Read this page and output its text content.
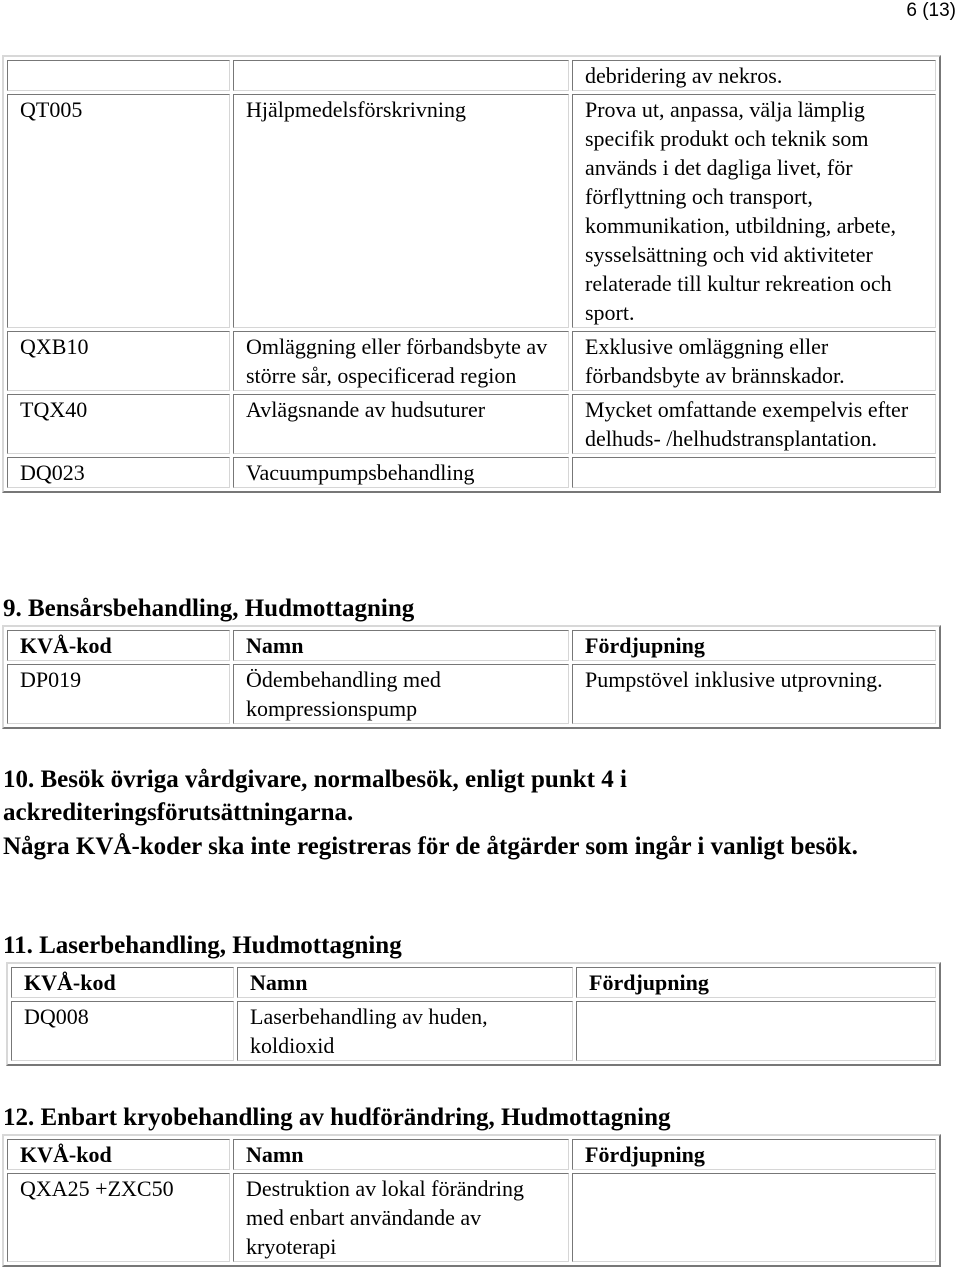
6 (13)
		debridering av nekros.
QT005	Hjälpmedelsförskrivning	Prova ut, anpassa, välja lämplig specifik produkt och teknik som används i det dagliga livet, för förflyttning och transport, kommunikation, utbildning, arbete, sysselsättning och vid aktiviteter relaterade till kultur rekreation och sport.
QXB10	Omläggning eller förbandsbyte av större sår, ospecificerad region	Exklusive omläggning eller förbandsbyte av brännskador.
TQX40	Avlägsnande av hudsuturer	Mycket omfattande exempelvis efter delhuds- /helhudstransplantation.
DQ023	Vacuumpumpsbehandling	
9. Bensårsbehandling, Hudmottagning
KVÅ-kod	Namn	Fördjupning
DP019	Ödembehandling med kompressionspump	Pumpstövel inklusive utprovning.
10. Besök övriga vårdgivare, normalbesök, enligt punkt 4 i ackrediteringsförutsättningarna.
Några KVÅ-koder ska inte registreras för de åtgärder som ingår i vanligt besök.
11. Laserbehandling, Hudmottagning
KVÅ-kod	Namn	Fördjupning
DQ008	Laserbehandling av huden, koldioxid	
12. Enbart kryobehandling av hudförändring, Hudmottagning
KVÅ-kod	Namn	Fördjupning
QXA25 +ZXC50	Destruktion av lokal förändring med enbart användande av kryoterapi	
